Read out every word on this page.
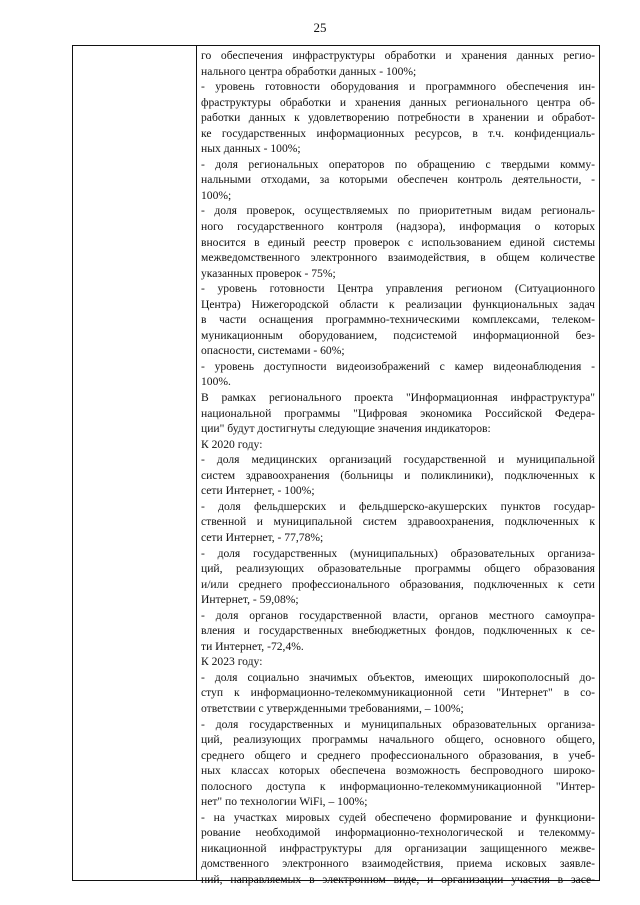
25
го обеспечения инфраструктуры обработки и хранения данных регио-
нального центра обработки данных - 100%;
- уровень готовности оборудования и программного обеспечения ин-
фраструктуры обработки и хранения данных регионального центра об-
работки данных к удовлетворению потребности в хранении и обработ-
ке государственных информационных ресурсов, в т.ч. конфиденциаль-
ных данных - 100%;
- доля региональных операторов по обращению с твердыми комму-
нальными отходами, за которыми обеспечен контроль деятельности, -
100%;
- доля проверок, осуществляемых по приоритетным видам региональ-
ного государственного контроля (надзора), информация о которых
вносится в единый реестр проверок с использованием единой системы
межведомственного электронного взаимодействия, в общем количестве
указанных проверок - 75%;
- уровень готовности Центра управления регионом (Ситуационного
Центра) Нижегородской области к реализации функциональных задач
в части оснащения программно-техническими комплексами, телеком-
муникационным оборудованием, подсистемой информационной без-
опасности, системами - 60%;
- уровень доступности видеоизображений с камер видеонаблюдения -
100%.
В рамках регионального проекта "Информационная инфраструктура"
национальной программы "Цифровая экономика Российской Федера-
ции" будут достигнуты следующие значения индикаторов:
К 2020 году:
- доля медицинских организаций государственной и муниципальной
систем здравоохранения (больницы и поликлиники), подключенных к
сети Интернет, - 100%;
- доля фельдшерских и фельдшерско-акушерских пунктов государ-
ственной и муниципальной систем здравоохранения, подключенных к
сети Интернет, - 77,78%;
- доля государственных (муниципальных) образовательных организа-
ций, реализующих образовательные программы общего образования
и/или среднего профессионального образования, подключенных к сети
Интернет, - 59,08%;
- доля органов государственной власти, органов местного самоупра-
вления и государственных внебюджетных фондов, подключенных к се-
ти Интернет, -72,4%.
К 2023 году:
- доля социально значимых объектов, имеющих широкополосный до-
ступ к информационно-телекоммуникационной сети "Интернет" в со-
ответствии с утвержденными требованиями, – 100%;
- доля государственных и муниципальных образовательных организа-
ций, реализующих программы начального общего, основного общего,
среднего общего и среднего профессионального образования, в учеб-
ных классах которых обеспечена возможность беспроводного широко-
полосного доступа к информационно-телекоммуникационной "Интер-
нет" по технологии WiFi, – 100%;
- на участках мировых судей обеспечено формирование и функциони-
рование необходимой информационно-технологической и телекомму-
никационной инфраструктуры для организации защищенного межве-
домственного электронного взаимодействия, приема исковых заявле-
ний, направляемых в электронном виде, и организации участия в засе-
